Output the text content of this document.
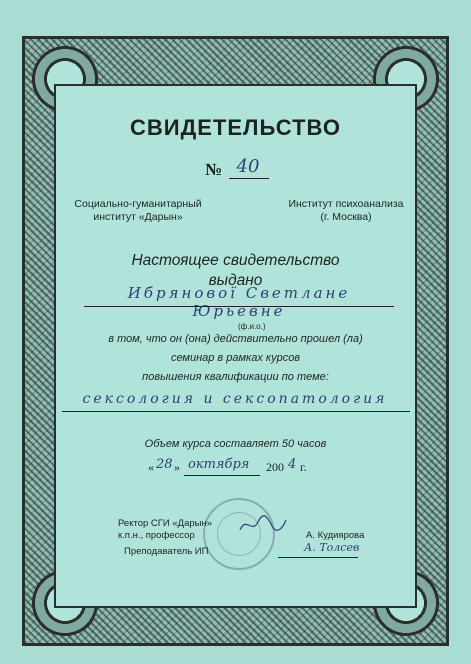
СВИДЕТЕЛЬСТВО
№ 40
Социально-гуманитарный
институт «Дарын»
Институт психоанализа
(г. Москва)
Настоящее свидетельство
выдано
Ибрянової Светлане Юрьевне
(ф.и.о.)
в том, что он (она) действительно прошел (ла)
семинар в рамках курсов
повышения квалификации по теме:
сексология и сексопатология
Объем курса составляет 50 часов
« 28 » октября 200 4 г.
Ректор СГИ «Дарын»
к.п.н., профессор	А. Кудиярова
Преподаватель ИП	А. Толсев
